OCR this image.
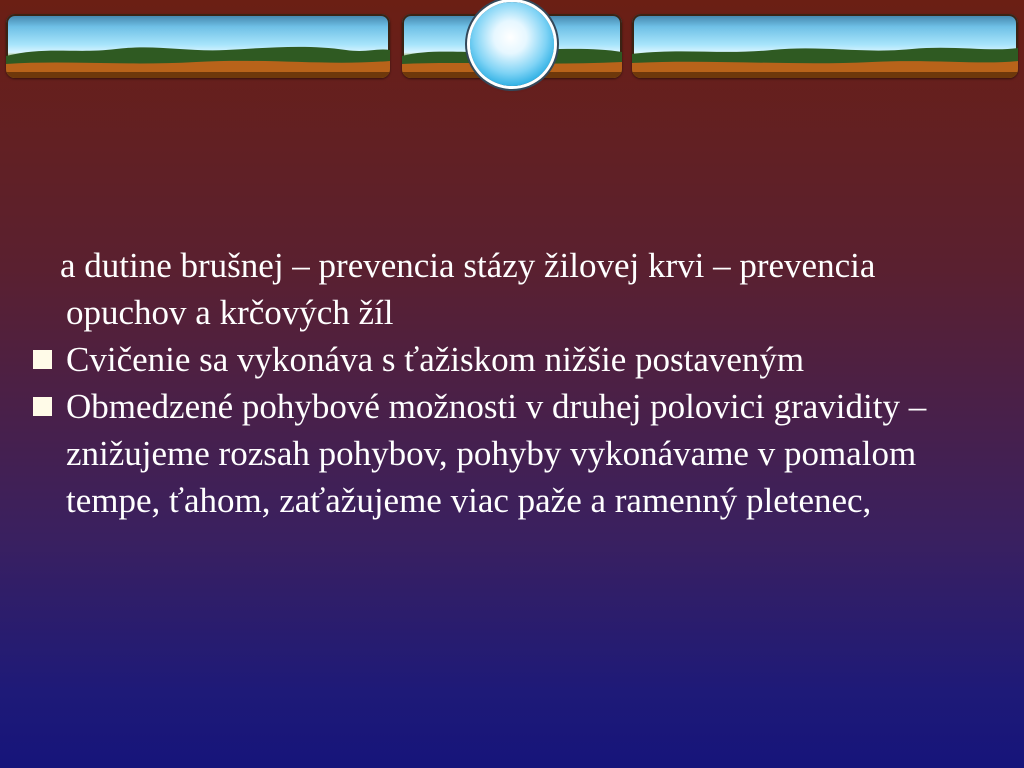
a dutine brušnej – prevencia stázy žilovej krvi – prevencia opuchov a krčových žíl
Cvičenie sa vykonáva s ťažiskom nižšie postaveným
Obmedzené pohybové možnosti v druhej polovici gravidity – znižujeme rozsah pohybov, pohyby vykonávame v pomalom tempe, ťahom, zaťažujeme viac paže a ramenný pletenec,
